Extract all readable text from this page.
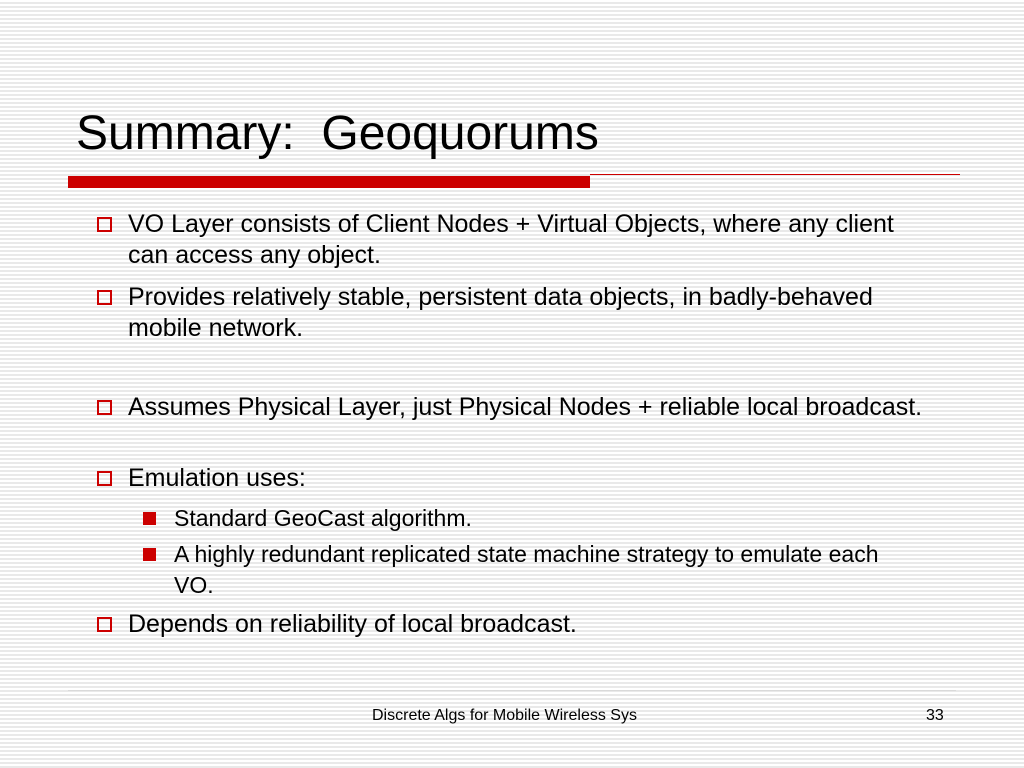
Summary:  Geoquorums
VO Layer consists of Client Nodes + Virtual Objects, where any client can access any object.
Provides relatively stable, persistent data objects, in badly-behaved mobile network.
Assumes Physical Layer, just Physical Nodes + reliable local broadcast.
Emulation uses:
Standard GeoCast algorithm.
A highly redundant replicated state machine strategy to emulate each VO.
Depends on reliability of local broadcast.
Discrete Algs for Mobile Wireless Sys	33
